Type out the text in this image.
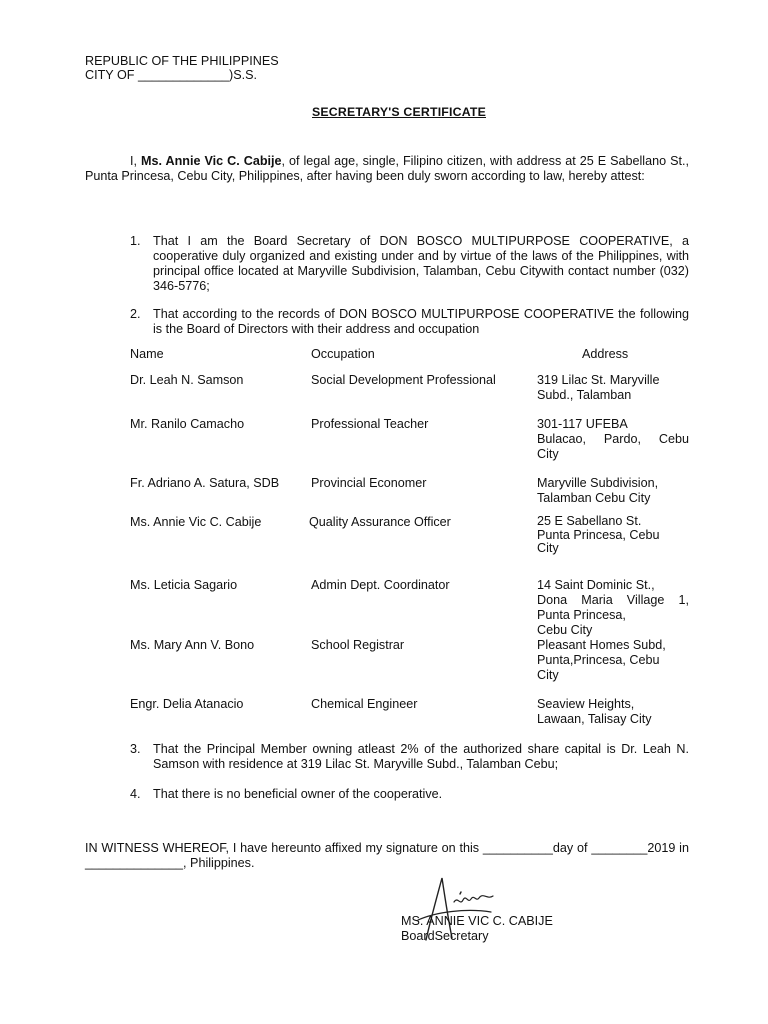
REPUBLIC OF THE PHILIPPINES
CITY OF _____________)S.S.
SECRETARY'S CERTIFICATE
I, Ms. Annie Vic C. Cabije, of legal age, single, Filipino citizen, with address at 25 E Sabellano St., Punta Princesa, Cebu City, Philippines, after having been duly sworn according to law, hereby attest:
1. That I am the Board Secretary of DON BOSCO MULTIPURPOSE COOPERATIVE, a cooperative duly organized and existing under and by virtue of the laws of the Philippines, with principal office located at Maryville Subdivision, Talamban, Cebu Citywith contact number (032) 346-5776;
2. That according to the records of DON BOSCO MULTIPURPOSE COOPERATIVE the following is the Board of Directors with their address and occupation
Name	Occupation	Address
Dr. Leah N. Samson	Social Development Professional	319 Lilac St. Maryville
Subd., Talamban
Mr. Ranilo Camacho	Professional Teacher	301-117 UFEBA
Bulacao, Pardo, Cebu
City
Fr. Adriano A. Satura, SDB	Provincial Economer	Maryville Subdivision,
Talamban Cebu City
Ms. Annie Vic C. Cabije	Quality Assurance Officer	25 E Sabellano St.
Punta Princesa, Cebu
City
Ms. Leticia Sagario	Admin Dept. Coordinator	14 Saint Dominic St.,
Dona Maria Village 1,
Punta Princesa,
Cebu City
Ms. Mary Ann V. Bono	School Registrar	Pleasant Homes Subd,
Punta,Princesa, Cebu
City
Engr. Delia Atanacio	Chemical Engineer	Seaview Heights,
Lawaan, Talisay City
3. That the Principal Member owning atleast 2% of the authorized share capital is Dr. Leah N. Samson with residence at 319 Lilac St. Maryville Subd., Talamban Cebu;
4. That there is no beneficial owner of the cooperative.
IN WITNESS WHEREOF, I have hereunto affixed my signature on this __________day of ________2019 in ______________, Philippines.
MS. ANNIE VIC C. CABIJE
BoardSecretary
